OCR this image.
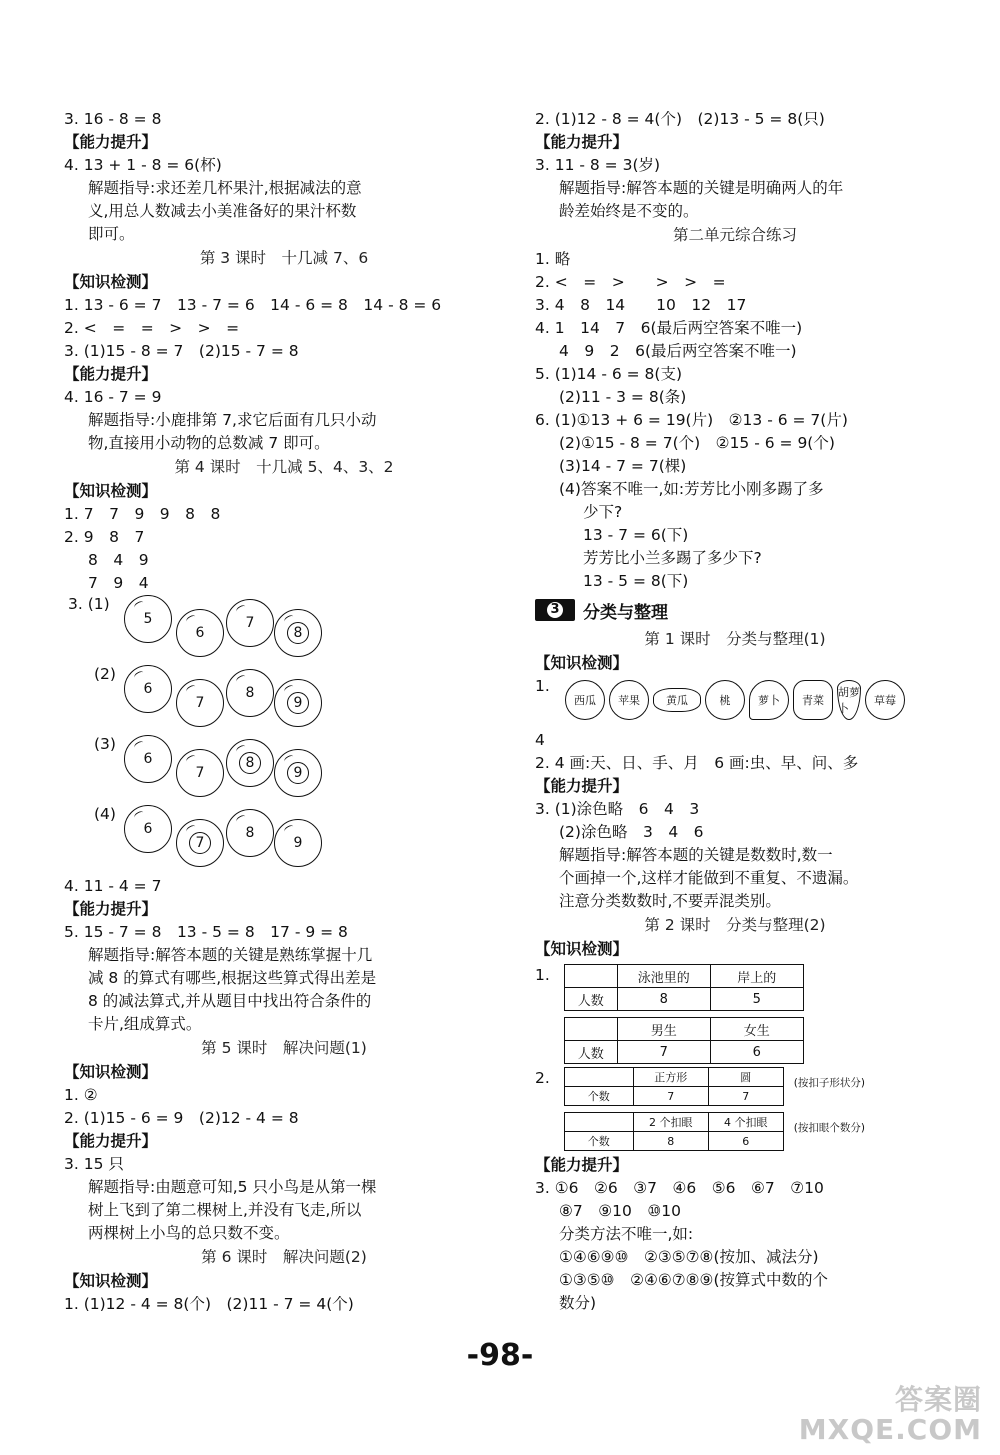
3. 16 - 8 = 8
【能力提升】
4. 13 + 1 - 8 = 6(杯)
解题指导:求还差几杯果汁,根据减法的意
义,用总人数减去小美准备好的果汁杯数
即可。
第 3 课时　十几减 7、6
【知识检测】
1. 13 - 6 = 7　13 - 7 = 6　14 - 6 = 8　14 - 8 = 6
2. <　=　=　>　>　=
3. (1)15 - 8 = 7　(2)15 - 7 = 8
【能力提升】
4. 16 - 7 = 9
解题指导:小鹿排第 7,求它后面有几只小动
物,直接用小动物的总数减 7 即可。
第 4 课时　十几减 5、4、3、2
【知识检测】
1. 7　7　9　9　8　8
2. 9　8　7
8　4　9
7　9　4
3. (1)
5
6
7
8
(2)
6
7
8
9
(3)
6
7
8
9
(4)
6
7
8
9
4. 11 - 4 = 7
【能力提升】
5. 15 - 7 = 8　13 - 5 = 8　17 - 9 = 8
解题指导:解答本题的关键是熟练掌握十几
减 8 的算式有哪些,根据这些算式得出差是
8 的减法算式,并从题目中找出符合条件的
卡片,组成算式。
第 5 课时　解决问题(1)
【知识检测】
1. ②
2. (1)15 - 6 = 9　(2)12 - 4 = 8
【能力提升】
3. 15 只
解题指导:由题意可知,5 只小鸟是从第一棵
树上飞到了第二棵树上,并没有飞走,所以
两棵树上小鸟的总只数不变。
第 6 课时　解决问题(2)
【知识检测】
1. (1)12 - 4 = 8(个)　(2)11 - 7 = 4(个)
2. (1)12 - 8 = 4(个)　(2)13 - 5 = 8(只)
【能力提升】
3. 11 - 8 = 3(岁)
解题指导:解答本题的关键是明确两人的年
龄差始终是不变的。
第二单元综合练习
1. 略
2. <　=　>　　>　>　=
3. 4　8　14　　10　12　17
4. 1　14　7　6(最后两空答案不唯一)
4　9　2　6(最后两空答案不唯一)
5. (1)14 - 6 = 8(支)
(2)11 - 3 = 8(条)
6. (1)①13 + 6 = 19(片)　②13 - 6 = 7(片)
(2)①15 - 8 = 7(个)　②15 - 6 = 9(个)
(3)14 - 7 = 7(棵)
(4)答案不唯一,如:芳芳比小刚多踢了多
少下?
13 - 7 = 6(下)
芳芳比小兰多踢了多少下?
13 - 5 = 8(下)
3 分类与整理
第 1 课时　分类与整理(1)
【知识检测】
1.
西瓜	苹果	黄瓜	桃	萝卜	青菜
胡萝卜
草莓
4
2. 4 画:天、日、手、月　6 画:虫、早、问、多
【能力提升】
3. (1)涂色略　6　4　3
(2)涂色略　3　4　6
解题指导:解答本题的关键是数数时,数一
个画掉一个,这样才能做到不重复、不遗漏。
注意分类数数时,不要弄混类别。
第 2 课时　分类与整理(2)
【知识检测】
1.
		泳池里的	岸上的
人数	8	5
	男生	女生
人数	7	6
2.
		正方形	圆
个数	7	7
(按扣子形状分)
	2 个扣眼	4 个扣眼
个数	8	6
(按扣眼个数分)
【能力提升】
3. ①6　②6　③7　④6　⑤6　⑥7　⑦10
⑧7　⑨10　⑩10
分类方法不唯一,如:
①④⑥⑨⑩　②③⑤⑦⑧(按加、减法分)
①③⑤⑩　②④⑥⑦⑧⑨(按算式中数的个
数分)
-98-
答案圈
MXQE.COM
